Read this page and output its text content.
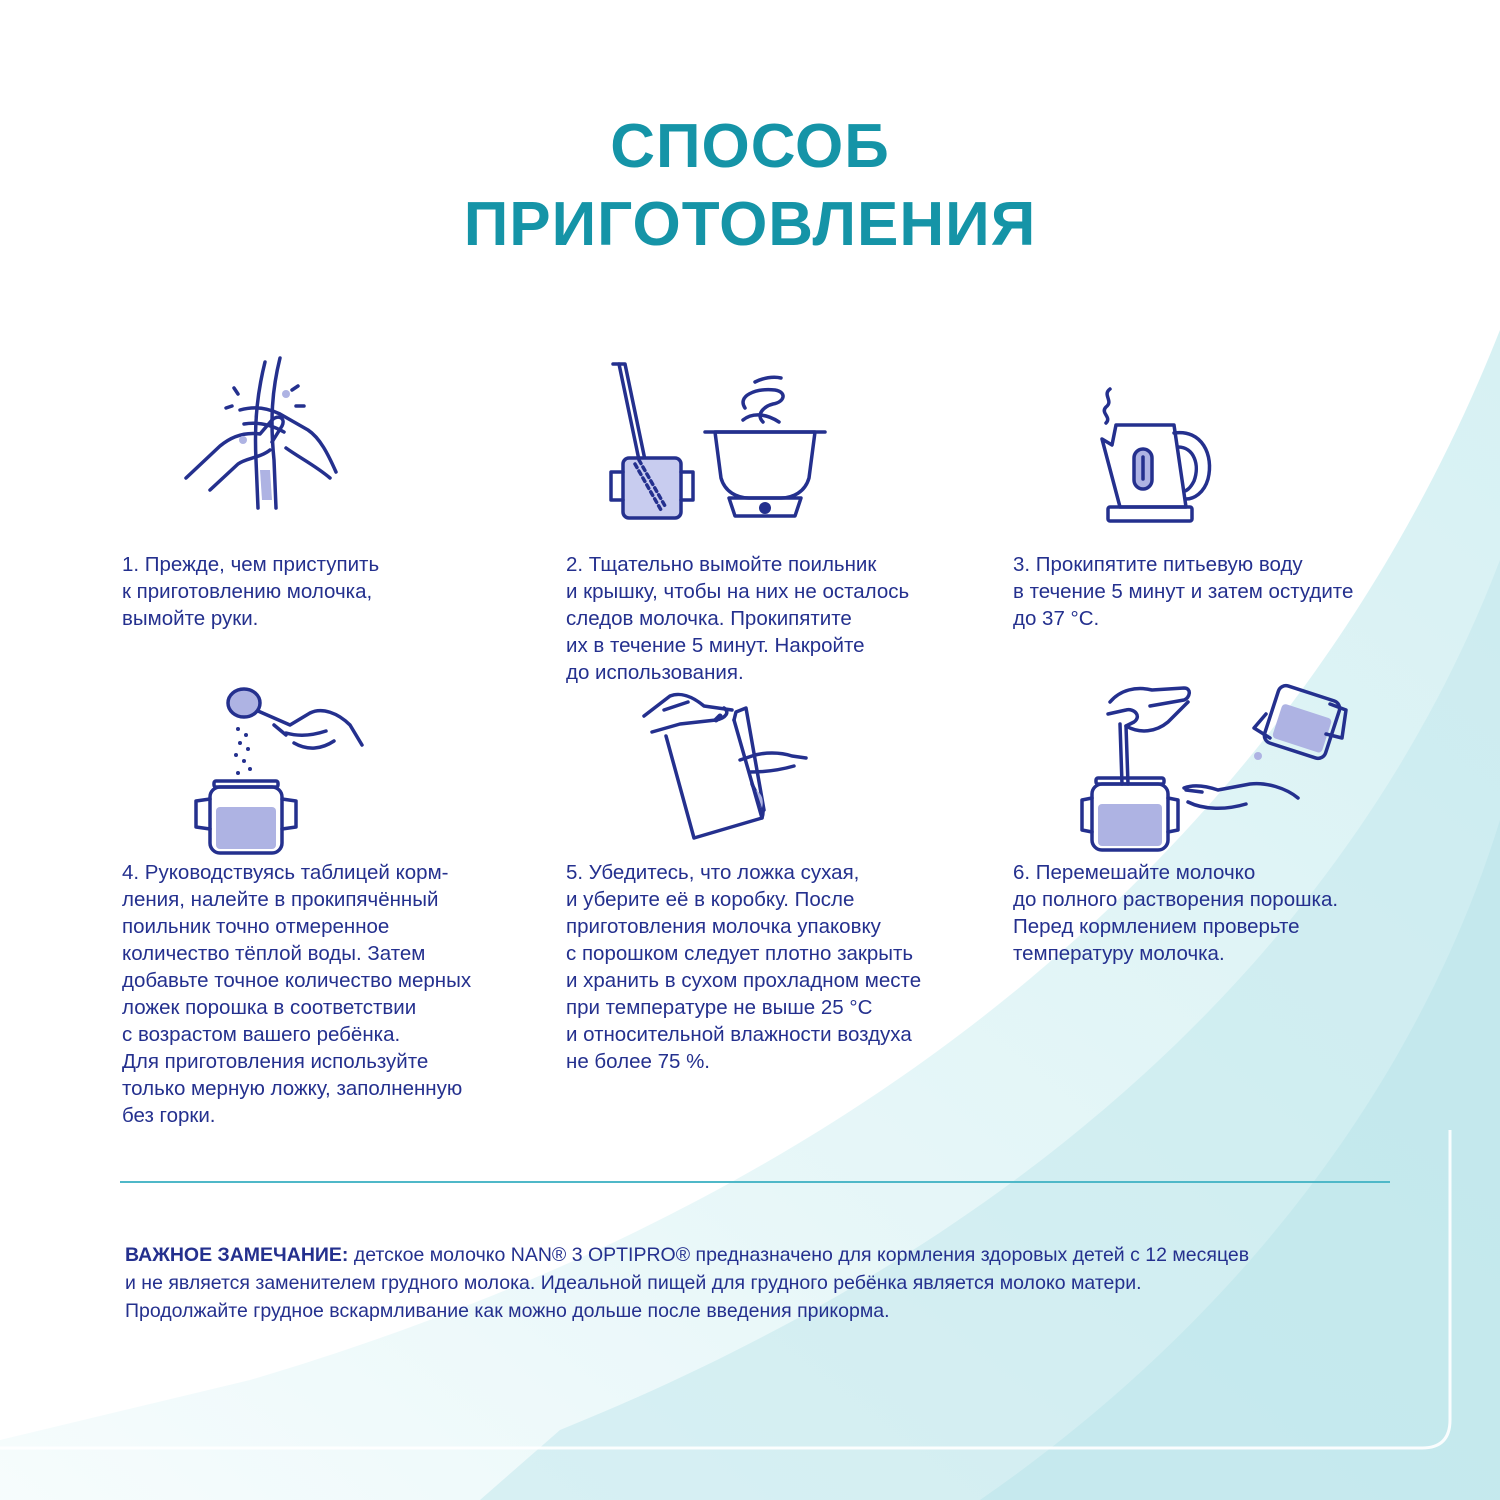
СПОСОБ
ПРИГОТОВЛЕНИЯ

1. Прежде, чем приступить
к приготовлению молочка,
вымойте руки.

2. Тщательно вымойте поильник
и крышку, чтобы на них не осталось
следов молочка. Прокипятите
их в течение 5 минут. Накройте
до использования.

3. Прокипятите питьевую воду
в течение 5 минут и затем остудите
до 37 °С.

4. Руководствуясь таблицей корм-
ления, налейте в прокипячённый
поильник точно отмеренное
количество тёплой воды. Затем
добавьте точное количество мерных
ложек порошка в соответствии
с возрастом вашего ребёнка.
Для приготовления используйте
только мерную ложку, заполненную
без горки.

5. Убедитесь, что ложка сухая,
и уберите её в коробку. После
приготовления молочка упаковку
с порошком следует плотно закрыть
и хранить в сухом прохладном месте
при температуре не выше 25 °С
и относительной влажности воздуха
не более 75 %.

6. Перемешайте молочко
до полного растворения порошка.
Перед кормлением проверьте
температуру молочка.

ВАЖНОЕ ЗАМЕЧАНИЕ: детское молочко NAN® 3 OPTIPRO® предназначено для кормления здоровых детей с 12 месяцев
и не является заменителем грудного молока. Идеальной пищей для грудного ребёнка является молоко матери.
Продолжайте грудное вскармливание как можно дольше после введения прикорма.
